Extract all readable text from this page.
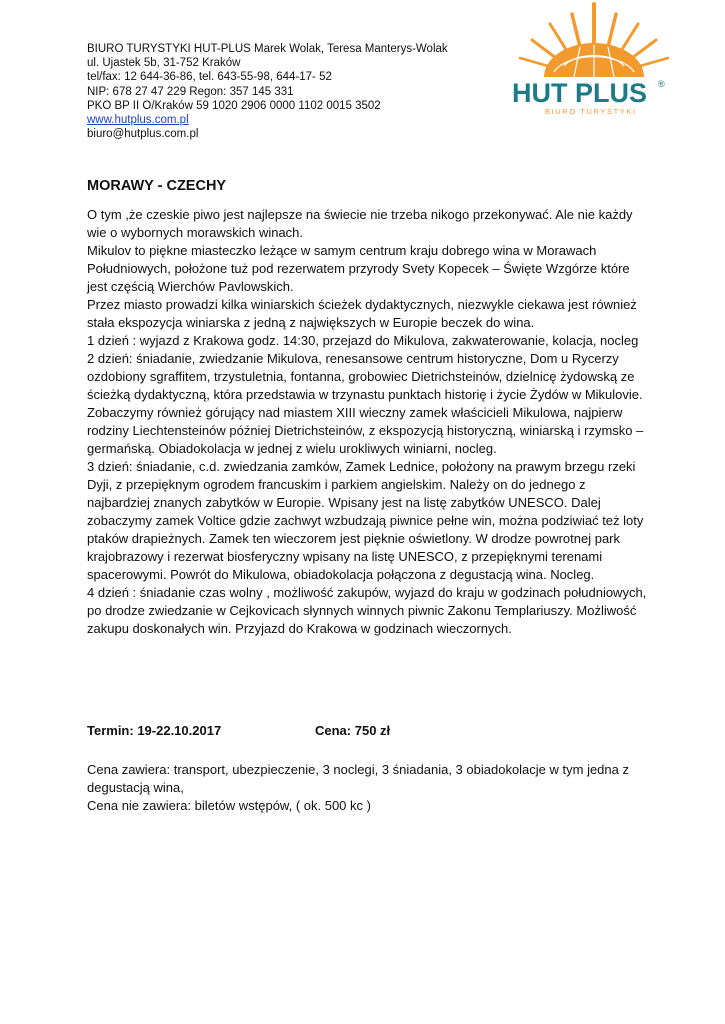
BIURO TURYSTYKI HUT-PLUS Marek Wolak, Teresa Manterys-Wolak
ul. Ujastek 5b, 31-752 Kraków
tel/fax: 12 644-36-86, tel. 643-55-98, 644-17- 52
NIP: 678 27 47 229 Regon: 357 145 331
PKO BP II O/Kraków 59 1020 2906 0000 1102 0015 3502
www.hutplus.com.pl
biuro@hutplus.com.pl
HUT PLUS ®
BIURO TURYSTYKI
MORAWY - CZECHY

O tym ,że czeskie piwo jest najlepsze na świecie nie trzeba nikogo przekonywać. Ale nie każdy wie o wybornych morawskich winach.

Mikulov to piękne miasteczko leżące w samym centrum kraju dobrego wina w Morawach Południowych, położone tuż pod rezerwatem przyrody Svety Kopecek – Święte Wzgórze które jest częścią Wierchów Pavlowskich.

Przez miasto prowadzi kilka winiarskich ścieżek dydaktycznych, niezwykle ciekawa jest również stała ekspozycja winiarska z jedną z największych w Europie beczek do wina.

1 dzień : wyjazd z Krakowa godz. 14:30, przejazd do Mikulova, zakwaterowanie, kolacja, nocleg

2 dzień: śniadanie, zwiedzanie Mikulova, renesansowe centrum historyczne, Dom u Rycerzy ozdobiony sgraffitem, trzystuletnia, fontanna, grobowiec Dietrichsteinów, dzielnicę żydowską ze ścieżką dydaktyczną, która przedstawia w trzynastu punktach historię i życie Żydów w Mikulovie. Zobaczymy również górujący nad miastem XIII wieczny zamek właścicieli Mikulowa, najpierw rodziny Liechtensteinów później Dietrichsteinów, z ekspozycją historyczną, winiarską i rzymsko – germańską. Obiadokolacja w jednej z wielu urokliwych winiarni, nocleg.

3 dzień: śniadanie, c.d. zwiedzania zamków, Zamek Lednice, położony na prawym brzegu rzeki Dyji, z przepięknym ogrodem francuskim i parkiem angielskim. Należy on do jednego z najbardziej znanych zabytków w Europie. Wpisany jest na listę zabytków UNESCO. Dalej zobaczymy zamek Voltice gdzie zachwyt wzbudzają piwnice pełne win, można podziwiać też loty ptaków drapieżnych. Zamek ten wieczorem jest pięknie oświetlony. W drodze powrotnej park krajobrazowy i rezerwat biosferyczny wpisany na listę UNESCO, z przepięknymi terenami spacerowymi. Powrót do Mikulowa, obiadokolacja połączona z degustacją wina. Nocleg.

4 dzień : śniadanie czas wolny , możliwość zakupów, wyjazd do kraju w godzinach południowych, po drodze zwiedzanie w Cejkovicach słynnych winnych piwnic Zakonu Templariuszy. Możliwość zakupu doskonałych win. Przyjazd do Krakowa w godzinach wieczornych.

Termin: 19-22.10.2017	Cena: 750 zł

Cena zawiera: transport, ubezpieczenie, 3 noclegi, 3 śniadania, 3 obiadokolacje w tym jedna z degustacją wina,

Cena nie zawiera: biletów wstępów, ( ok. 500 kc )
